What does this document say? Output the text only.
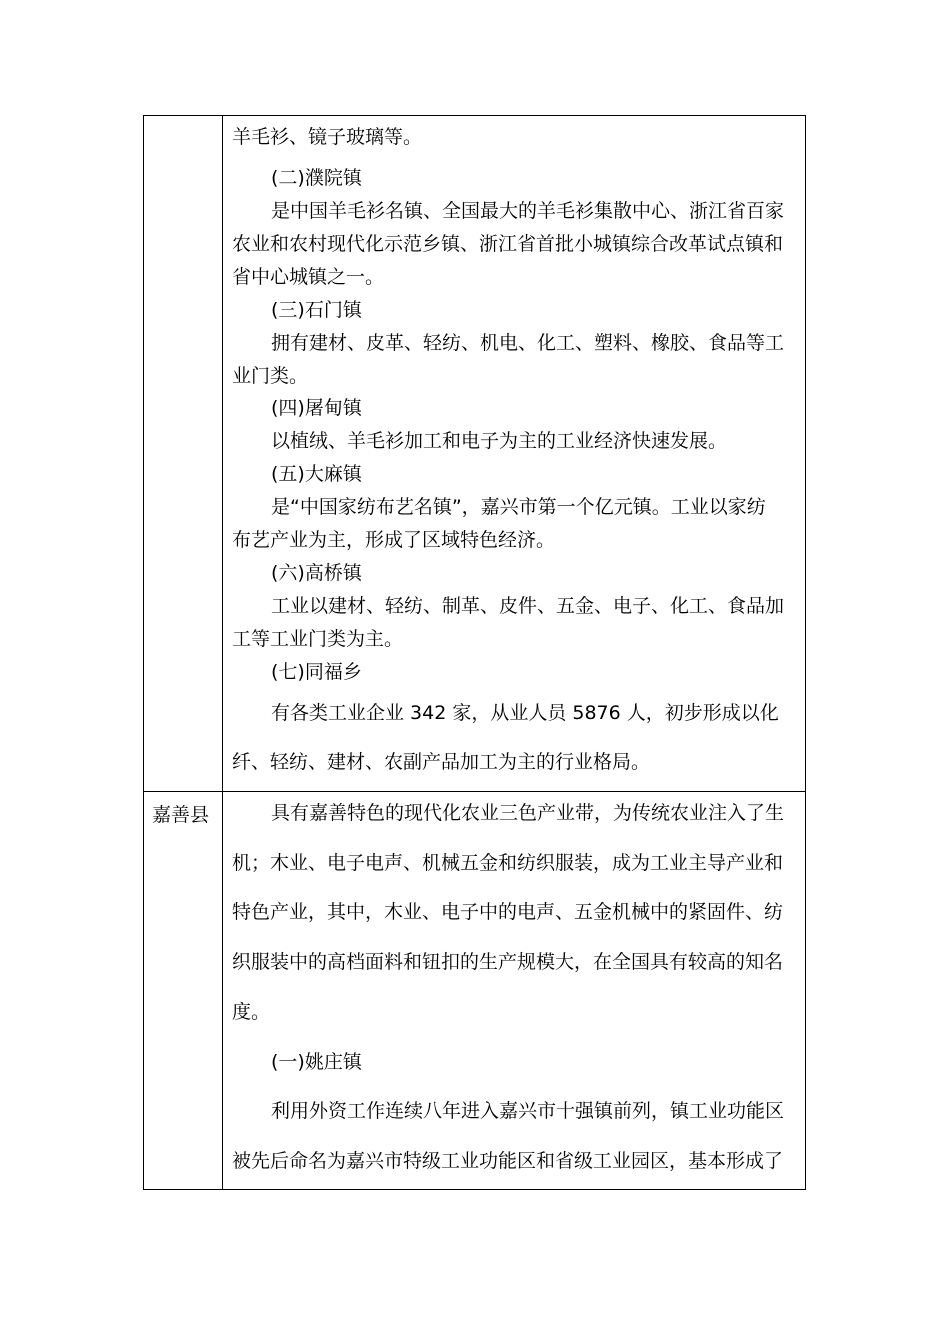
羊毛衫、镜子玻璃等。
(二)濮院镇
是中国羊毛衫名镇、全国最大的羊毛衫集散中心、浙江省百家
农业和农村现代化示范乡镇、浙江省首批小城镇综合改革试点镇和
省中心城镇之一。
(三)石门镇
拥有建材、皮革、轻纺、机电、化工、塑料、橡胶、食品等工
业门类。
(四)屠甸镇
以植绒、羊毛衫加工和电子为主的工业经济快速发展。
(五)大麻镇
是“中国家纺布艺名镇”，嘉兴市第一个亿元镇。工业以家纺
布艺产业为主，形成了区域特色经济。
(六)高桥镇
工业以建材、轻纺、制革、皮件、五金、电子、化工、食品加
工等工业门类为主。
(七)同福乡
有各类工业企业 342 家，从业人员 5876 人，初步形成以化
纤、轻纺、建材、农副产品加工为主的行业格局。
嘉善县	具有嘉善特色的现代化农业三色产业带，为传统农业注入了生
机；木业、电子电声、机械五金和纺织服装，成为工业主导产业和
特色产业，其中，木业、电子中的电声、五金机械中的紧固件、纺
织服装中的高档面料和钮扣的生产规模大，在全国具有较高的知名
度。
(一)姚庄镇
利用外资工作连续八年进入嘉兴市十强镇前列，镇工业功能区
被先后命名为嘉兴市特级工业功能区和省级工业园区，基本形成了
